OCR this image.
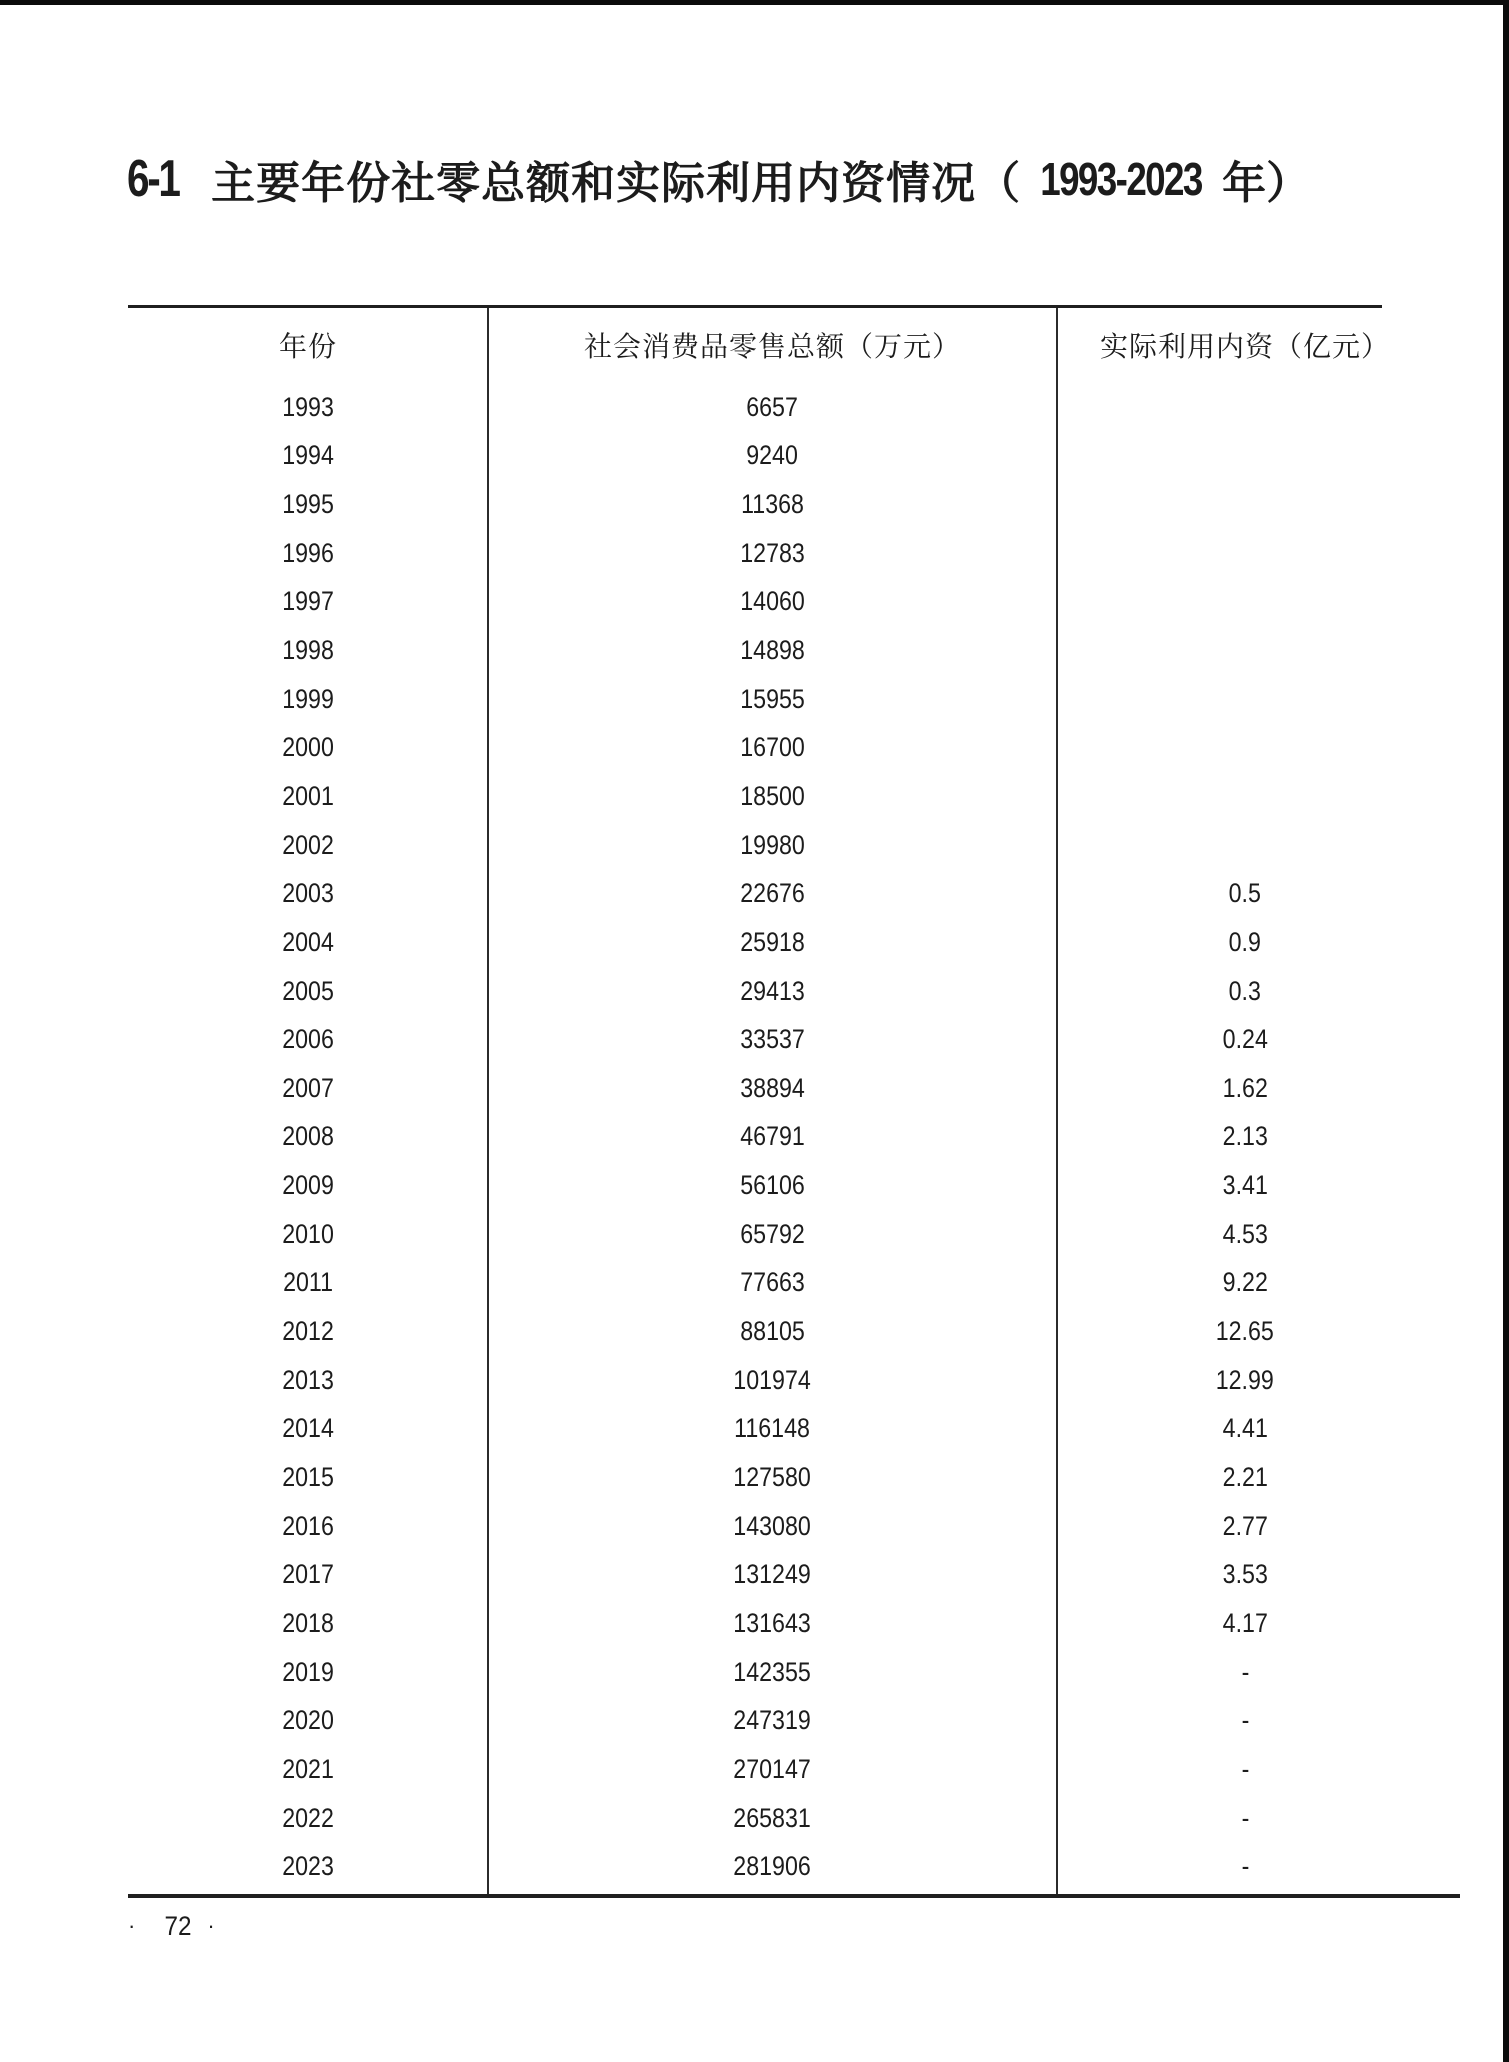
6-1 主要年份社零总额和实际利用内资情况 （ 1993-2023 年）
年份	社会消费品零售总额（万元）	实际利用内资（亿元）
1993	6657
1994	9240
1995	11368
1996	12783
1997	14060
1998	14898
1999	15955
2000	16700
2001	18500
2002	19980
2003	22676	0.5
2004	25918	0.9
2005	29413	0.3
2006	33537	0.24
2007	38894	1.62
2008	46791	2.13
2009	56106	3.41
2010	65792	4.53
2011	77663	9.22
2012	88105	12.65
2013	101974	12.99
2014	116148	4.41
2015	127580	2.21
2016	143080	2.77
2017	131249	3.53
2018	131643	4.17
2019	142355	-
2020	247319	-
2021	270147	-
2022	265831	-
2023	281906	-
· 72 ·
